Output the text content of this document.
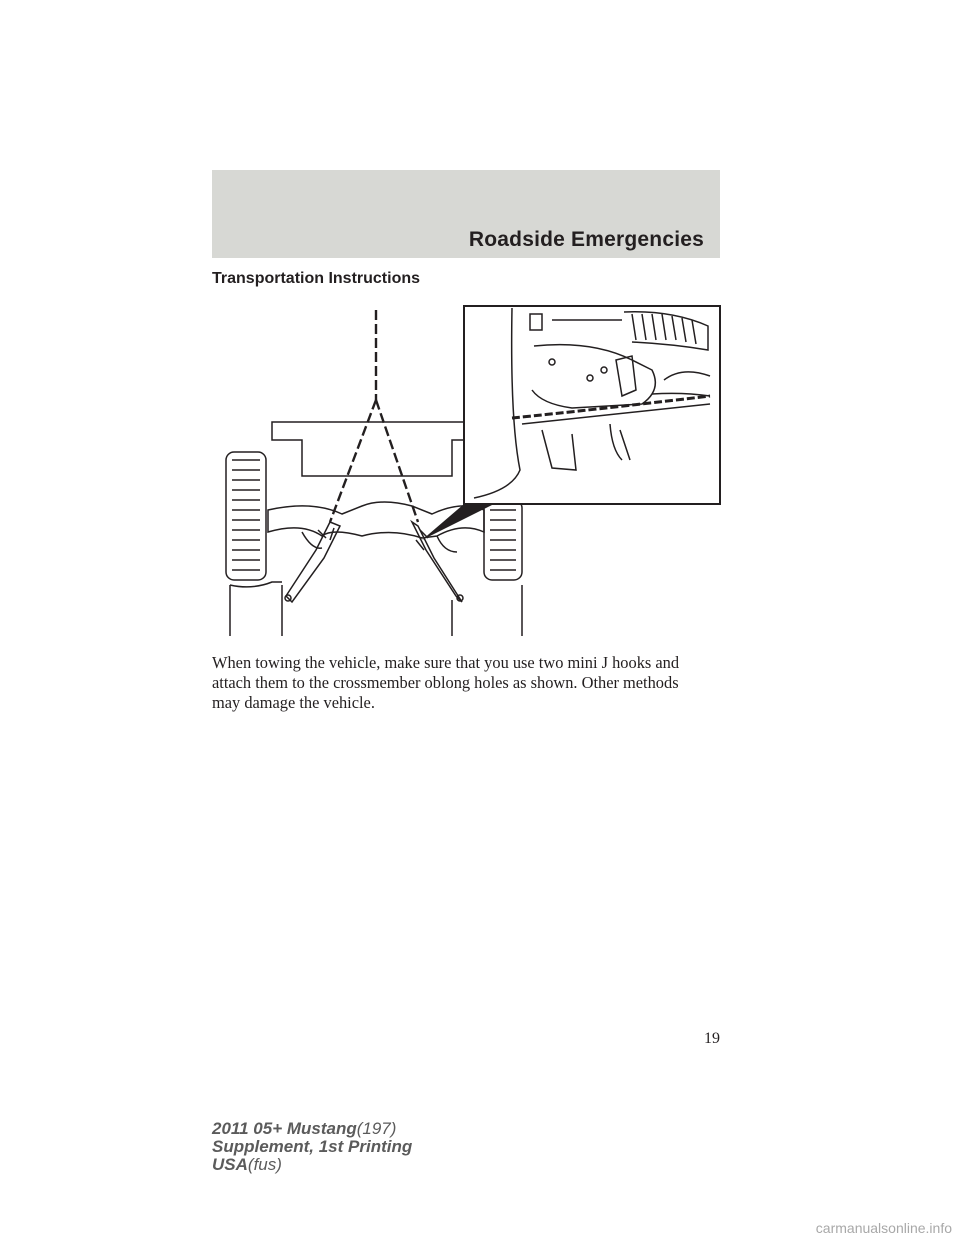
Roadside Emergencies
Transportation Instructions
When towing the vehicle, make sure that you use two mini J hooks and
attach them to the crossmember oblong holes as shown. Other methods
may damage the vehicle.
19
2011 05+ Mustang(197)
Supplement, 1st Printing
USA(fus)
carmanualsonline.info
